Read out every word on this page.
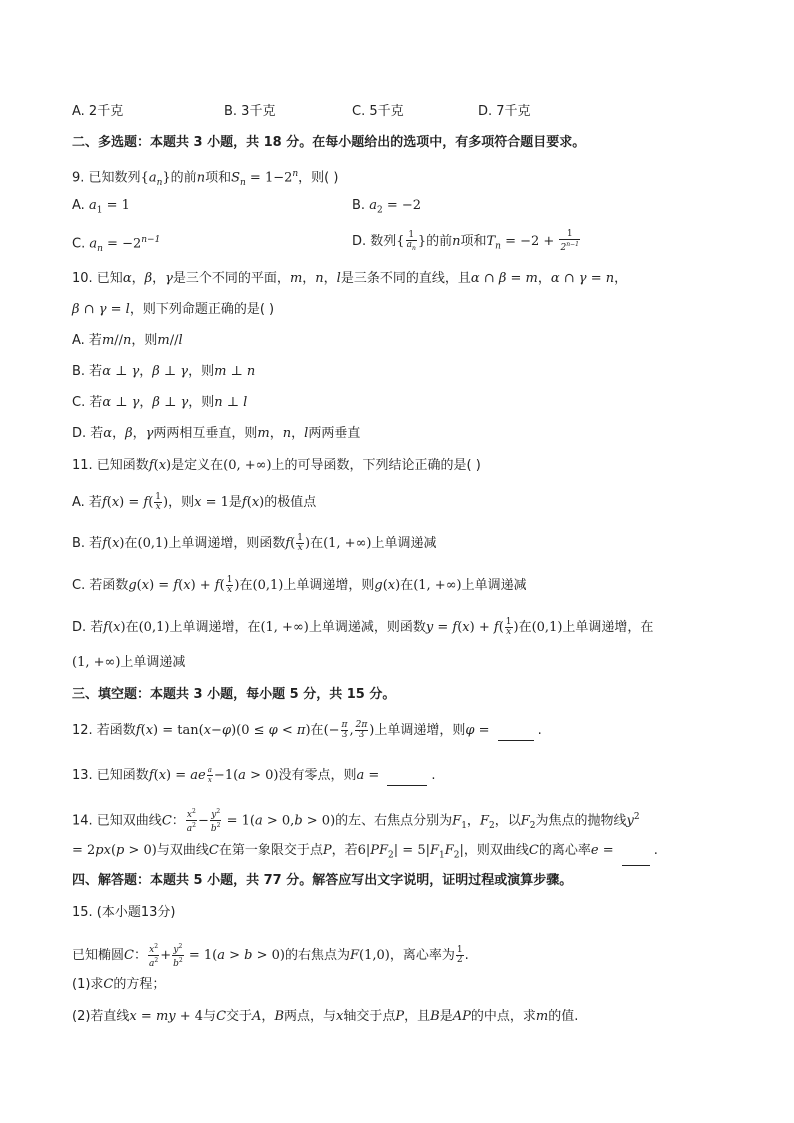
A. 2千克	B. 3千克	C. 5千克	D. 7千克
二、多选题：本题共 3 小题，共 18 分。在每小题给出的选项中，有多项符合题目要求。
9. 已知数列$\{a_n\}$的前n项和$S_n = 1-2^n$，则( )
A. $a_1 = 1$	B. $a_2 = -2$
C. $a_n = -2^{n-1}$	D. 数列{ $\frac{1}{a_n}$ }的前n项和$T_n = -2 + \frac{1}{2^{n-1}}$
10. 已知α，β，γ是三个不同的平面，m，n，l是三条不同的直线，且α ∩ β = m，α ∩ γ = n，
β ∩ γ = l，则下列命题正确的是( )
A. 若m//n，则m//l
B. 若α ⊥ γ，β ⊥ γ，则m ⊥ n
C. 若α ⊥ γ，β ⊥ γ，则n ⊥ l
D. 若α，β，γ两两相互垂直，则m，n，l两两垂直
11. 已知函数f(x)是定义在(0, +∞)上的可导函数，下列结论正确的是( )
A. 若$f(x) = f( \frac{1}{x}$ )，则x = 1是f(x)的极值点
B. 若f(x)在(0,1)上单调递增，则函数$f( \frac{1}{x}$ )在(1, +∞)上单调递减
C. 若函数$g(x) = f(x) + f( \frac{1}{x}$ )在(0,1)上单调递增，则g(x)在(1, +∞)上单调递减
D. 若f(x)在(0,1)上单调递增，在(1, +∞)上单调递减，则函数$y = f(x) + f( \frac{1}{x}$ )在(0,1)上单调递增，在
(1, +∞)上单调递减
三、填空题：本题共 3 小题，每小题 5 分，共 15 分。
12. 若函数f(x) = tan(x−φ)(0 ≤ φ < π)在(− $\frac{\pi}{3}$ , $\frac{2\pi}{3}$ )上单调递增，则φ =	.
13. 已知函数f(x) = ae $^{\frac{a}{x}}$ −1(a > 0)没有零点，则a =	.
14. 已知双曲线C： $\frac{x^2}{a^2} - \frac{y^2}{b^2} = 1(a > 0,b > 0)$的左、右焦点分别为$F_1$，$F_2$，以$F_2$为焦点的抛物线$y^2$
= 2px(p > 0)与双曲线C在第一象限交于点P，若$6|PF_2| = 5|F_1F_2|$，则双曲线C的离心率e =	.
四、解答题：本题共 5 小题，共 77 分。解答应写出文字说明，证明过程或演算步骤。
15. (本小题13分)
已知椭圆C： $\frac{x^2}{a^2} + \frac{y^2}{b^2} = 1(a > b > 0)$的右焦点为F(1,0)，离心率为 $\frac{1}{2}$ .
(1)求C的方程；
(2)若直线x = my + 4与C交于A，B两点，与x轴交于点P，且B是AP的中点，求m的值.
